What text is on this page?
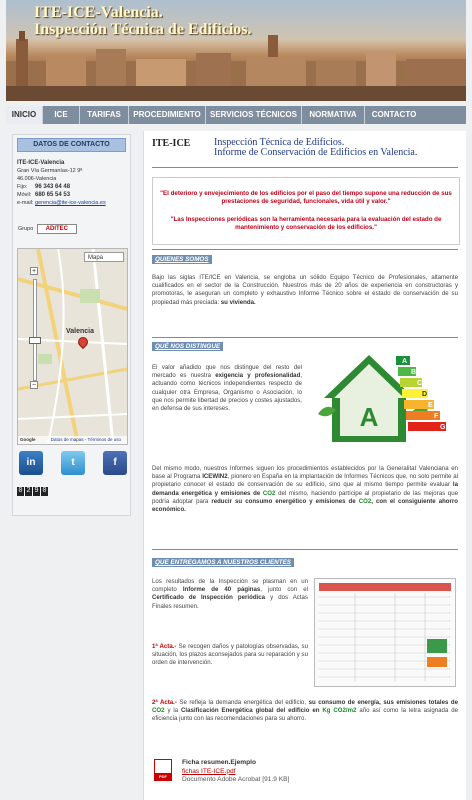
ITE-ICE-Valencia.
Inspección Técnica de Edificios.
INICIO	ICE	TARIFAS	PROCEDIMIENTO	SERVICIOS TÉCNICOS	NORMATIVA	CONTACTO
DATOS DE CONTACTO
ITE-ICE-Valencia
Gran Vía Germanías-12 9ª
46.006-Valencia
Fijo: 96 343 64 48
Móvil: 680 65 54 53
e-mail:gerencia@ite-ice-valencia.es
Grupo ADITEC
Mapa
+
−
Valencia
Google	Datos de mapas - Términos de uso
in	t	f
0 2 9 0
ITE-ICE Inspección Técnica de Edificios.
Informe de Conservación de Edificios en Valencia.

"El deterioro y envejecimiento de los edificios por el paso del tiempo supone una reducción de sus prestaciones de seguridad, funcionales, vida útil y valor."

"Las Inspecciones periódicas son la herramienta necesaria para la evaluación del estado de mantenimiento y conservación de los edificios."

QUIENES SOMOS
Bajo las siglas ITE/ICE en Valencia, se engloba un sólido Equipo Técnico de Profesionales, altamente cualificados en el sector de la Construcción. Nuestros más de 20 años de experiencia en constructoras y promotoras, le aseguran un completo y exhaustivo Informe Técnico sobre el estado de conservación de su propiedad más preciada: su vivienda.
QUÉ NOS DISTINGUE
El valor añadido que nos distingue del resto del mercado es nuestra exigencia y profesionalidad, actuando como técnicos independientes respecto de cualquier otra Empresa, Organismo o Asociación, lo que nos permite libertad de precios y costes ajustados, en defensa de sus intereses.	A
A
B
C
D
E
F
G
Del mismo modo, nuestros Informes siguen los procedimientos establecidos por la Generalitat Valenciana en base al Programa ICEWIN2, pionero en España en la implantación de Informes Técnicos que, no solo permite al propietario conocer el estado de conservación de su edificio, sino que al mismo tiempo permite evaluar la demanda energética y emisiones de CO2 del mismo, haciendo partícipe al propietario de las mejoras que podría adoptar para reducir su consumo energético y emisiones de CO2, con el consiguiente ahorro económico.
QUE ENTREGAMOS A NUESTROS CLIENTES
Los resultados de la Inspección se plasman en un completo Informe de 40 páginas, junto con el Certificado de Inspección periódica y dos Actas Finales resumen.
1ª Acta.- Se recogen daños y patologías observadas, su situación, los plazos aconsejados para su reparación y su orden de intervención.
2ª Acta.- Se refleja la demanda energética del edificio, su consumo de energía, sus emisiones totales de CO2 y la Clasificación Energética global del edificio en Kg CO2/m2 año así como la letra asignada de eficiencia junto con las recomendaciones para su ahorro.
PDF
Ficha resumen.Ejemplo
fichas ITE-ICE.pdf
Documento Adobe Acrobat [91.9 KB]
